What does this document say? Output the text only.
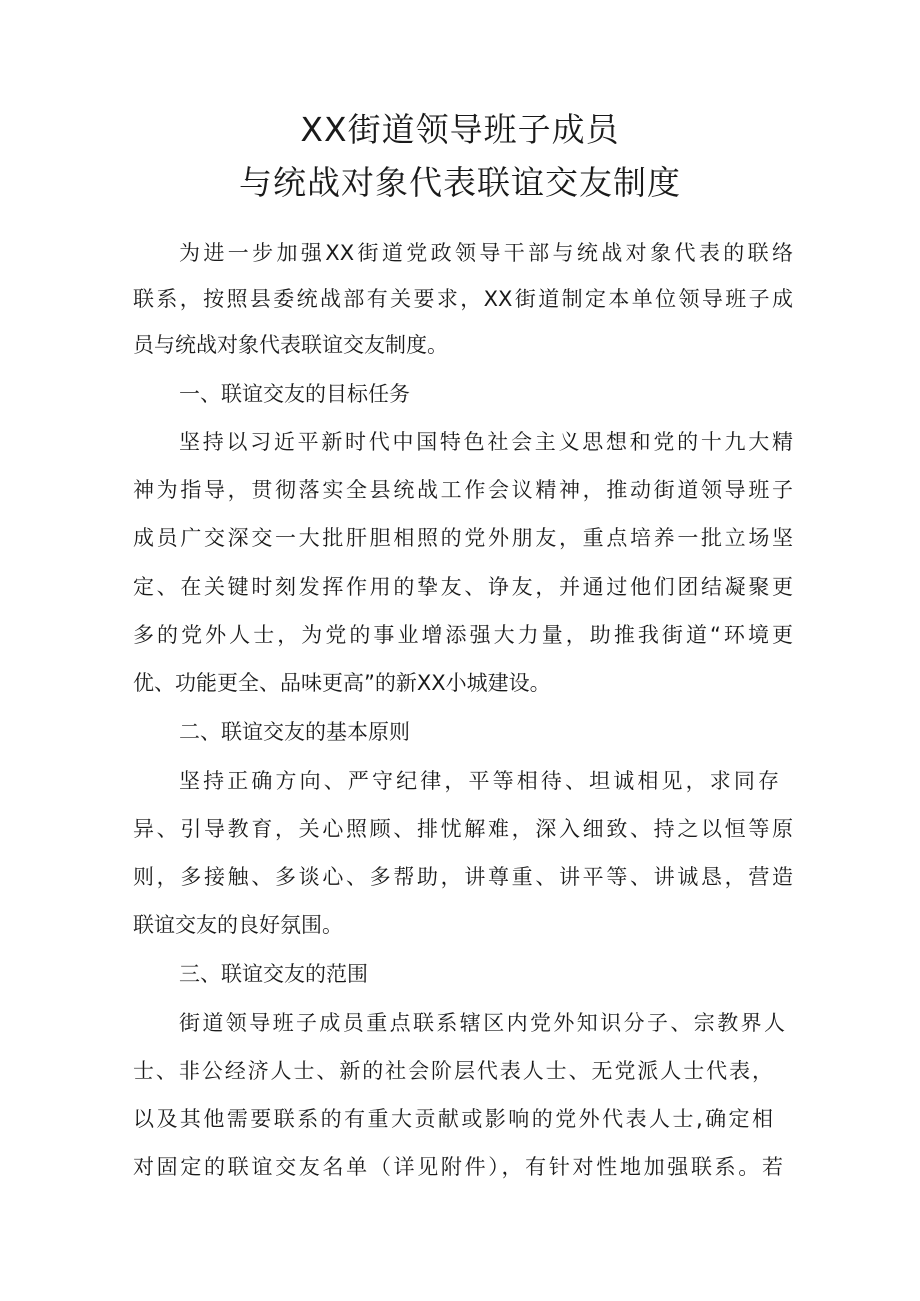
XX街道领导班子成员
与统战对象代表联谊交友制度
为进一步加强XX街道党政领导干部与统战对象代表的联络
联系，按照县委统战部有关要求，XX街道制定本单位领导班子成
员与统战对象代表联谊交友制度。
一、联谊交友的目标任务
坚持以习近平新时代中国特色社会主义思想和党的十九大精
神为指导，贯彻落实全县统战工作会议精神，推动街道领导班子
成员广交深交一大批肝胆相照的党外朋友，重点培养一批立场坚
定、在关键时刻发挥作用的挚友、诤友，并通过他们团结凝聚更
多的党外人士，为党的事业增添强大力量，助推我街道“环境更
优、功能更全、品味更高”的新XX小城建设。
二、联谊交友的基本原则
坚持正确方向、严守纪律，平等相待、坦诚相见，求同存
异、引导教育，关心照顾、排忧解难，深入细致、持之以恒等原
则，多接触、多谈心、多帮助，讲尊重、讲平等、讲诚恳，营造
联谊交友的良好氛围。
三、联谊交友的范围
街道领导班子成员重点联系辖区内党外知识分子、宗教界人
士、非公经济人士、新的社会阶层代表人士、无党派人士代表，
以及其他需要联系的有重大贡献或影响的党外代表人士,确定相
对固定的联谊交友名单（详见附件），有针对性地加强联系。若
